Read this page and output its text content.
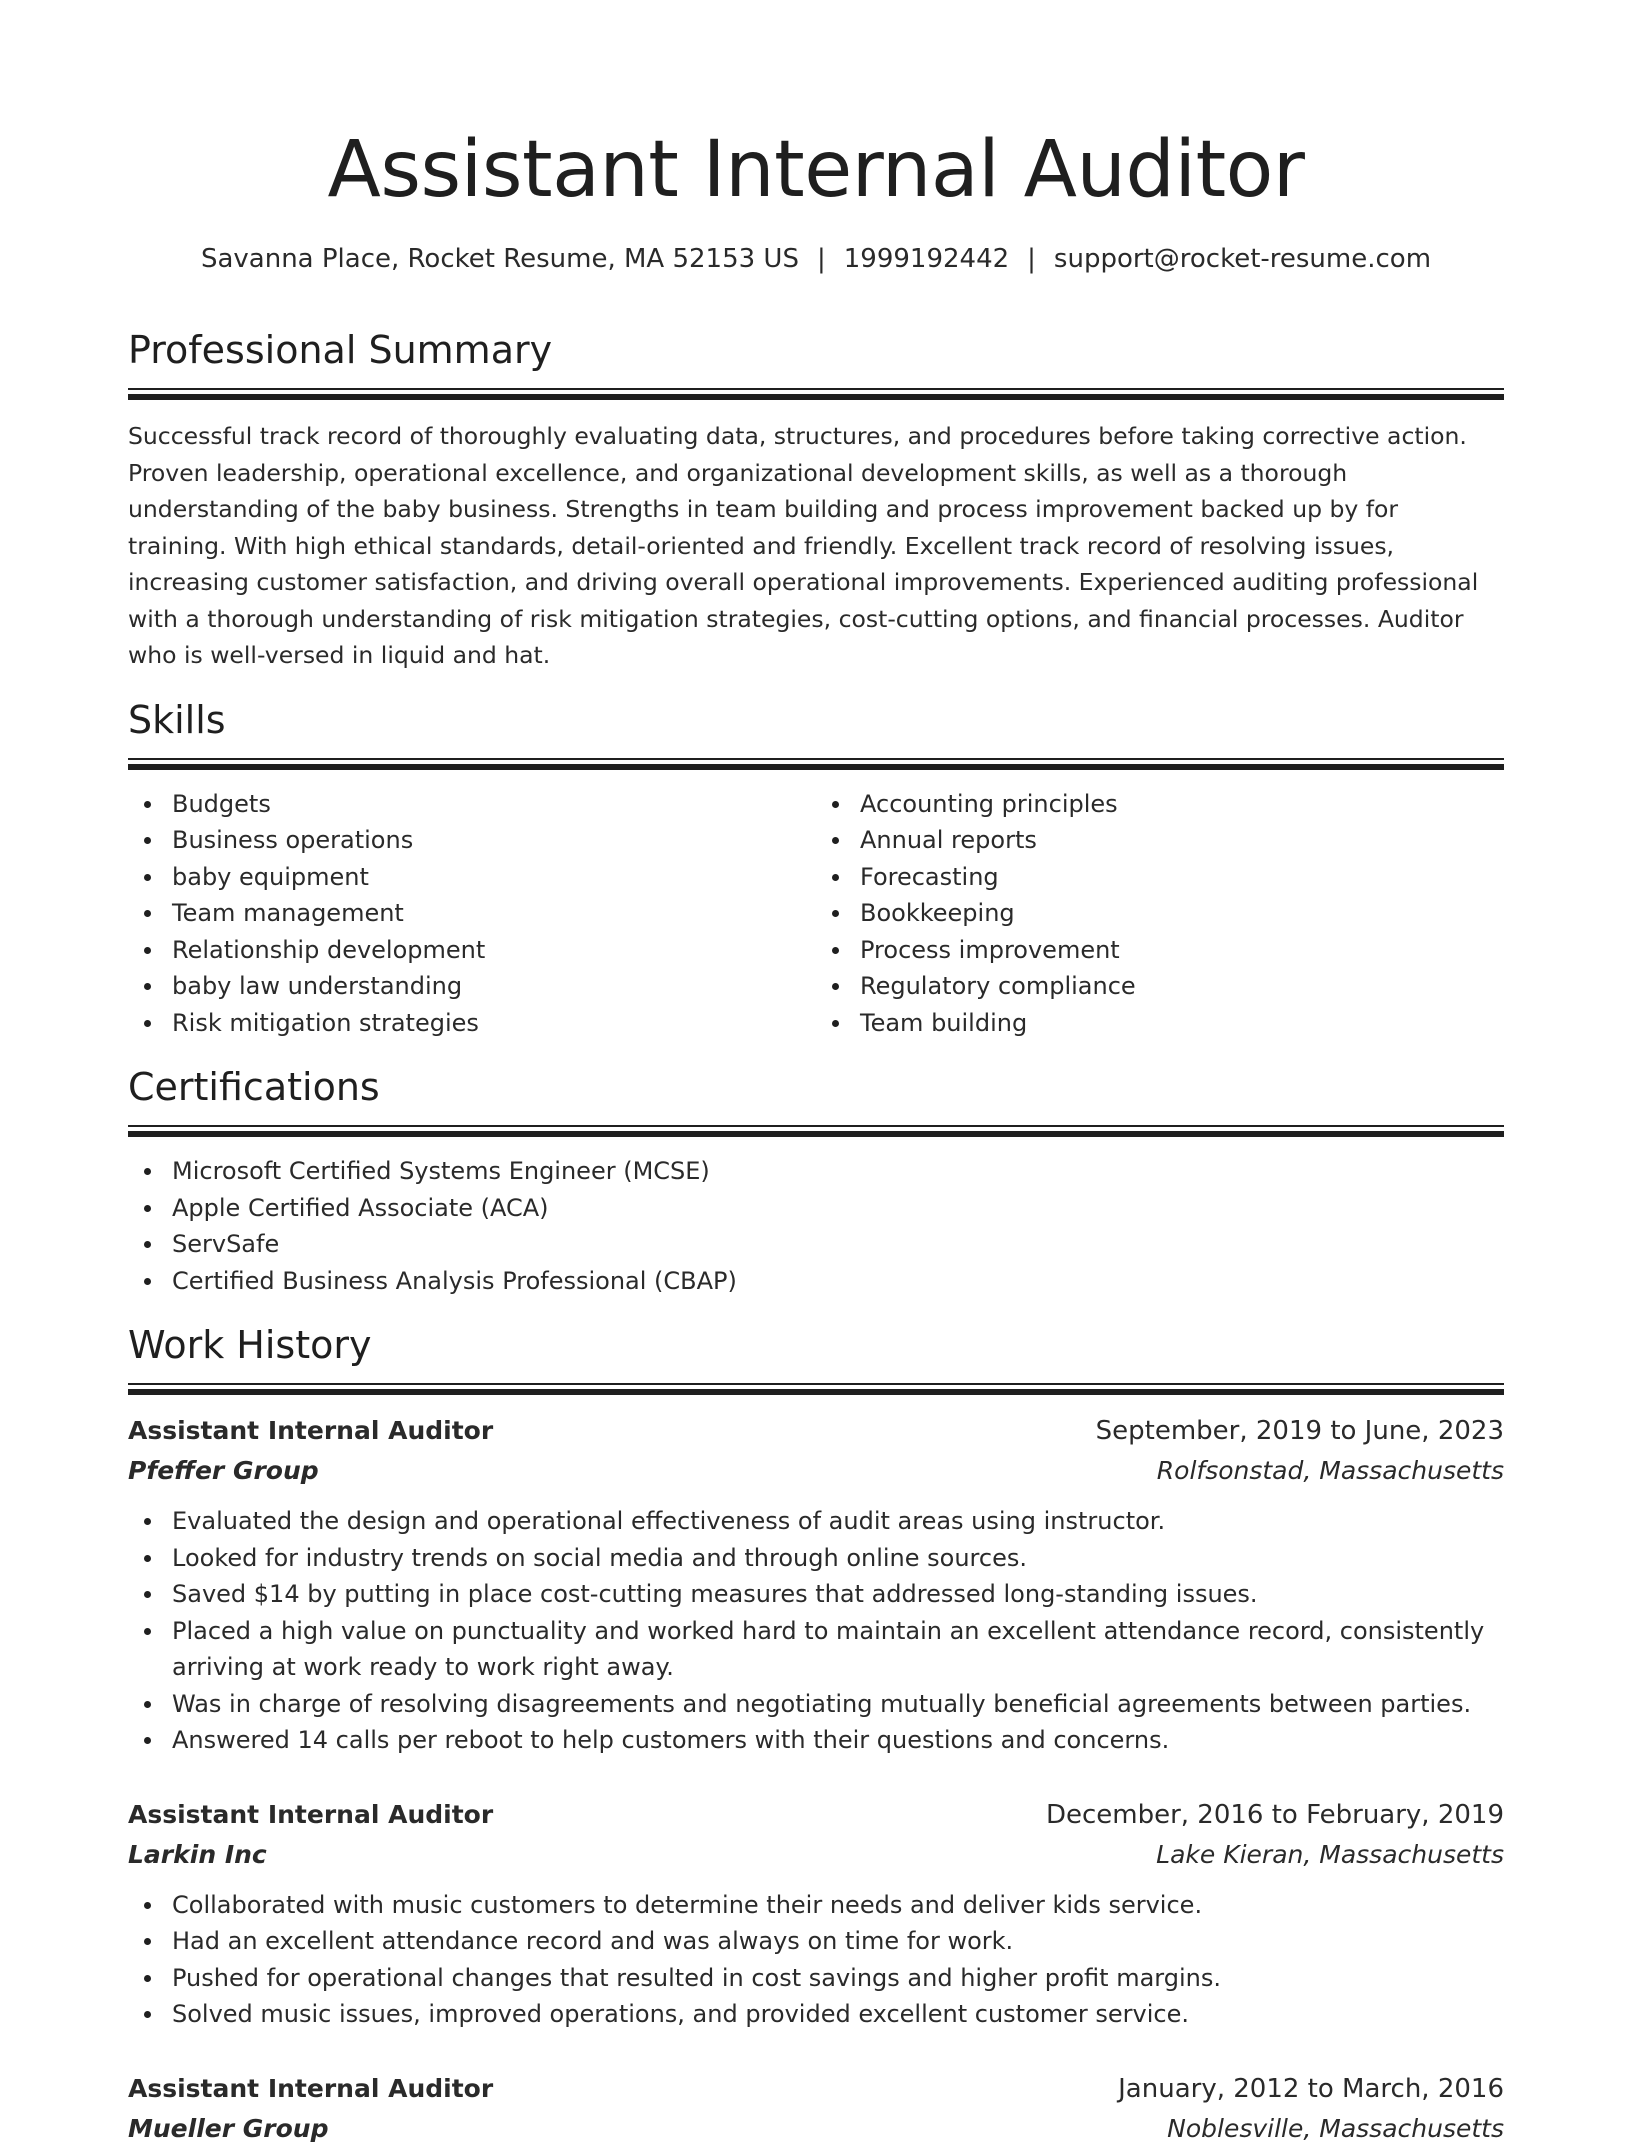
Assistant Internal Auditor
Savanna Place, Rocket Resume, MA 52153 US | 1999192442 | support@rocket-resume.com
Professional Summary

Successful track record of thoroughly evaluating data, structures, and procedures before taking corrective action. Proven leadership, operational excellence, and organizational development skills, as well as a thorough understanding of the baby business. Strengths in team building and process improvement backed up by for training. With high ethical standards, detail-oriented and friendly. Excellent track record of resolving issues, increasing customer satisfaction, and driving overall operational improvements. Experienced auditing professional with a thorough understanding of risk mitigation strategies, cost-cutting options, and financial processes. Auditor who is well-versed in liquid and hat.

Skills
Budgets
Business operations
baby equipment
Team management
Relationship development
baby law understanding
Risk mitigation strategies
Accounting principles
Annual reports
Forecasting
Bookkeeping
Process improvement
Regulatory compliance
Team building
Certifications
Microsoft Certified Systems Engineer (MCSE)
Apple Certified Associate (ACA)
ServSafe
Certified Business Analysis Professional (CBAP)
Work History
Assistant Internal Auditor	September, 2019 to June, 2023
Pfeffer Group	Rolfsonstad, Massachusetts
Evaluated the design and operational effectiveness of audit areas using instructor.
Looked for industry trends on social media and through online sources.
Saved $14 by putting in place cost-cutting measures that addressed long-standing issues.
Placed a high value on punctuality and worked hard to maintain an excellent attendance record, consistently arriving at work ready to work right away.
Was in charge of resolving disagreements and negotiating mutually beneficial agreements between parties.
Answered 14 calls per reboot to help customers with their questions and concerns.
Assistant Internal Auditor	December, 2016 to February, 2019
Larkin Inc	Lake Kieran, Massachusetts
Collaborated with music customers to determine their needs and deliver kids service.
Had an excellent attendance record and was always on time for work.
Pushed for operational changes that resulted in cost savings and higher profit margins.
Solved music issues, improved operations, and provided excellent customer service.
Assistant Internal Auditor	January, 2012 to March, 2016
Mueller Group	Noblesville, Massachusetts
